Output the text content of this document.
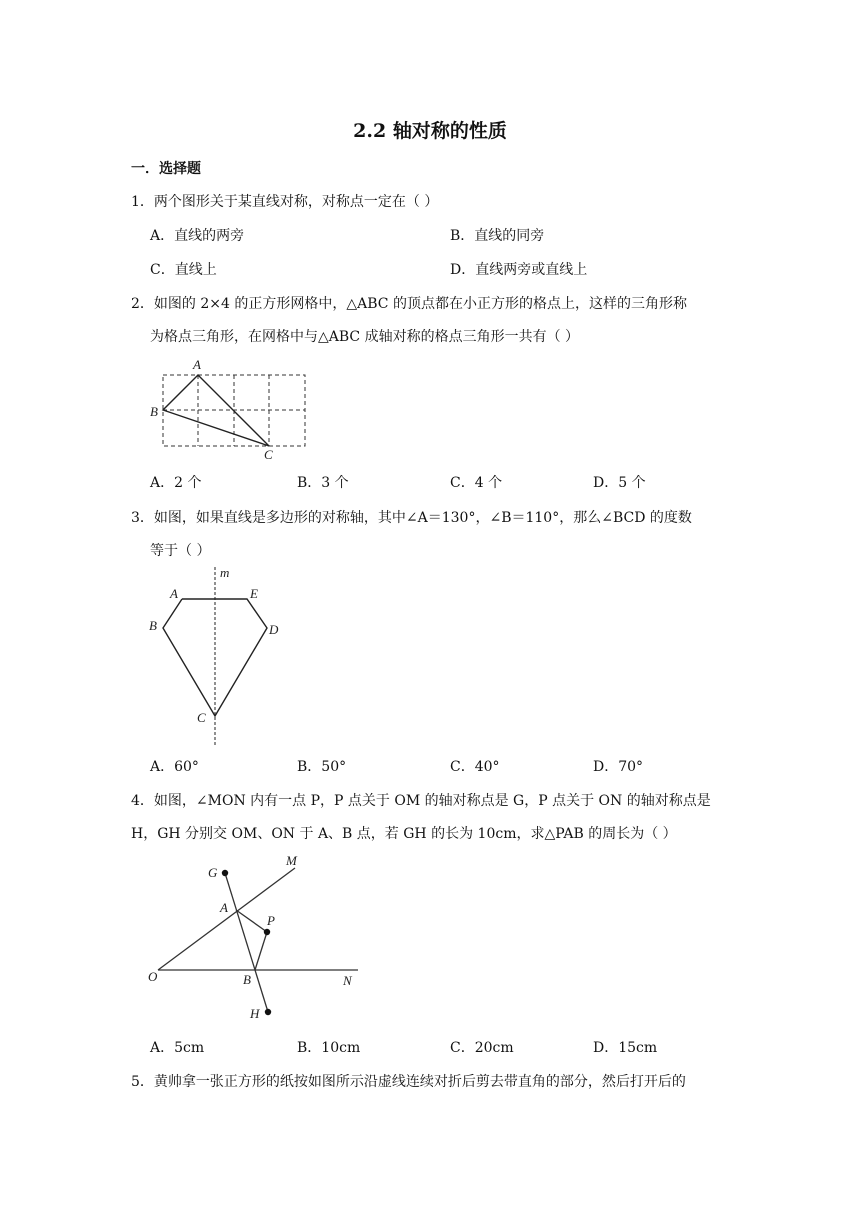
2.2 轴对称的性质
一．选择题
1．两个图形关于某直线对称，对称点一定在（ ）
A．直线的两旁	B．直线的同旁
C．直线上	D．直线两旁或直线上
2．如图的 2×4 的正方形网格中，△ABC 的顶点都在小正方形的格点上，这样的三角形称
为格点三角形，在网格中与△ABC 成轴对称的格点三角形一共有（ ）
A
B
C
A．2 个	B．3 个	C．4 个	D．5 个
3．如图，如果直线是多边形的对称轴，其中∠A＝130°，∠B＝110°，那么∠BCD 的度数
等于（ ）
m
A	E
B	D
C
A．60°	B．50°	C．40°	D．70°
4．如图，∠MON 内有一点 P，P 点关于 OM 的轴对称点是 G，P 点关于 ON 的轴对称点是
H，GH 分别交 OM、ON 于 A、B 点，若 GH 的长为 10cm，求△PAB 的周长为（ ）
G
M
A
P
O	B	N
H
A．5cm	B．10cm	C．20cm	D．15cm
5．黄帅拿一张正方形的纸按如图所示沿虚线连续对折后剪去带直角的部分，然后打开后的
